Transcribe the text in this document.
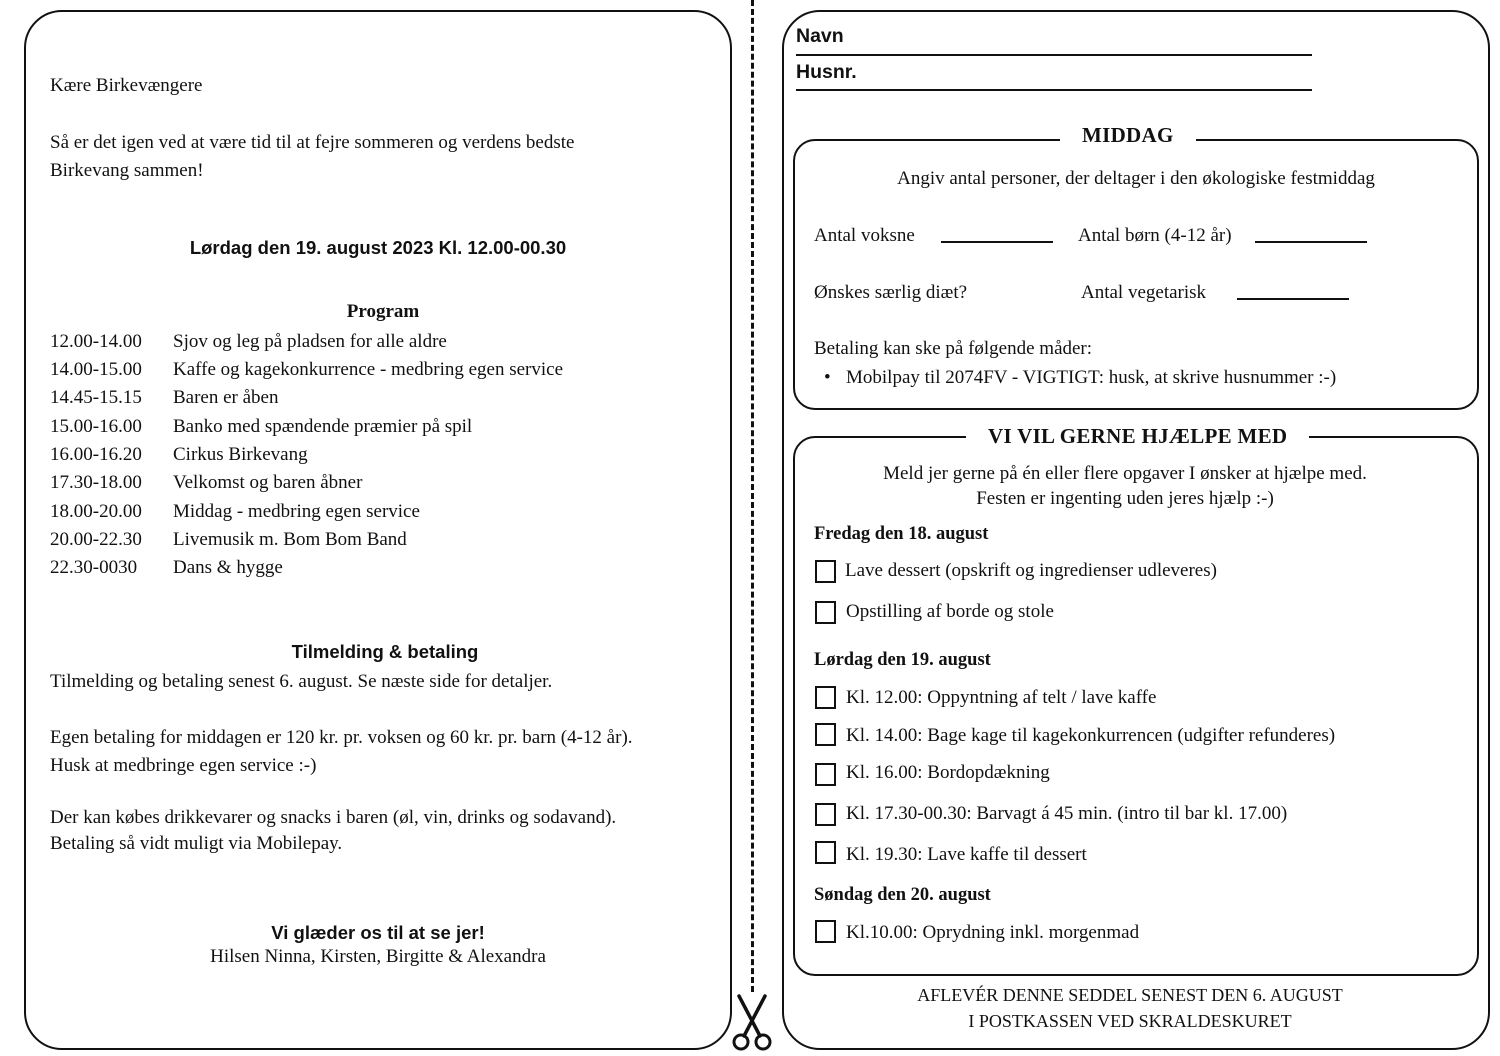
Kære Birkevængere
Så er det igen ved at være tid til at fejre sommeren og verdens bedste
Birkevang sammen!
Lørdag den 19. august 2023 Kl. 12.00-00.30
Program
12.00-14.00 Sjov og leg på pladsen for alle aldre
14.00-15.00 Kaffe og kagekonkurrence - medbring egen service
14.45-15.15 Baren er åben
15.00-16.00 Banko med spændende præmier på spil
16.00-16.20 Cirkus Birkevang
17.30-18.00 Velkomst og baren åbner
18.00-20.00 Middag - medbring egen service
20.00-22.30 Livemusik m. Bom Bom Band
22.30-0030 Dans & hygge
Tilmelding & betaling
Tilmelding og betaling senest 6. august. Se næste side for detaljer.
Egen betaling for middagen er 120 kr. pr. voksen og 60 kr. pr. barn (4-12 år).
Husk at medbringe egen service :-)
Der kan købes drikkevarer og snacks i baren (øl, vin, drinks og sodavand).
Betaling så vidt muligt via Mobilepay.
Vi glæder os til at se jer!
Hilsen Ninna, Kirsten, Birgitte & Alexandra
Navn
Husnr.
MIDDAG
Angiv antal personer, der deltager i den økologiske festmiddag
Antal voksne	Antal børn (4-12 år)
Ønskes særlig diæt?	Antal vegetarisk
Betaling kan ske på følgende måder:
• Mobilpay til 2074FV - VIGTIGT: husk, at skrive husnummer :-)
VI VIL GERNE HJÆLPE MED
Meld jer gerne på én eller flere opgaver I ønsker at hjælpe med.
Festen er ingenting uden jeres hjælp :-)
Fredag den 18. august
Lave dessert (opskrift og ingredienser udleveres)
Opstilling af borde og stole
Lørdag den 19. august
Kl. 12.00: Oppyntning af telt / lave kaffe
Kl. 14.00: Bage kage til kagekonkurrencen (udgifter refunderes)
Kl. 16.00: Bordopdækning
Kl. 17.30-00.30: Barvagt á 45 min. (intro til bar kl. 17.00)
Kl. 19.30: Lave kaffe til dessert
Søndag den 20. august
Kl.10.00: Oprydning inkl. morgenmad
AFLEVÉR DENNE SEDDEL SENEST DEN 6. AUGUST
I POSTKASSEN VED SKRALDESKURET
